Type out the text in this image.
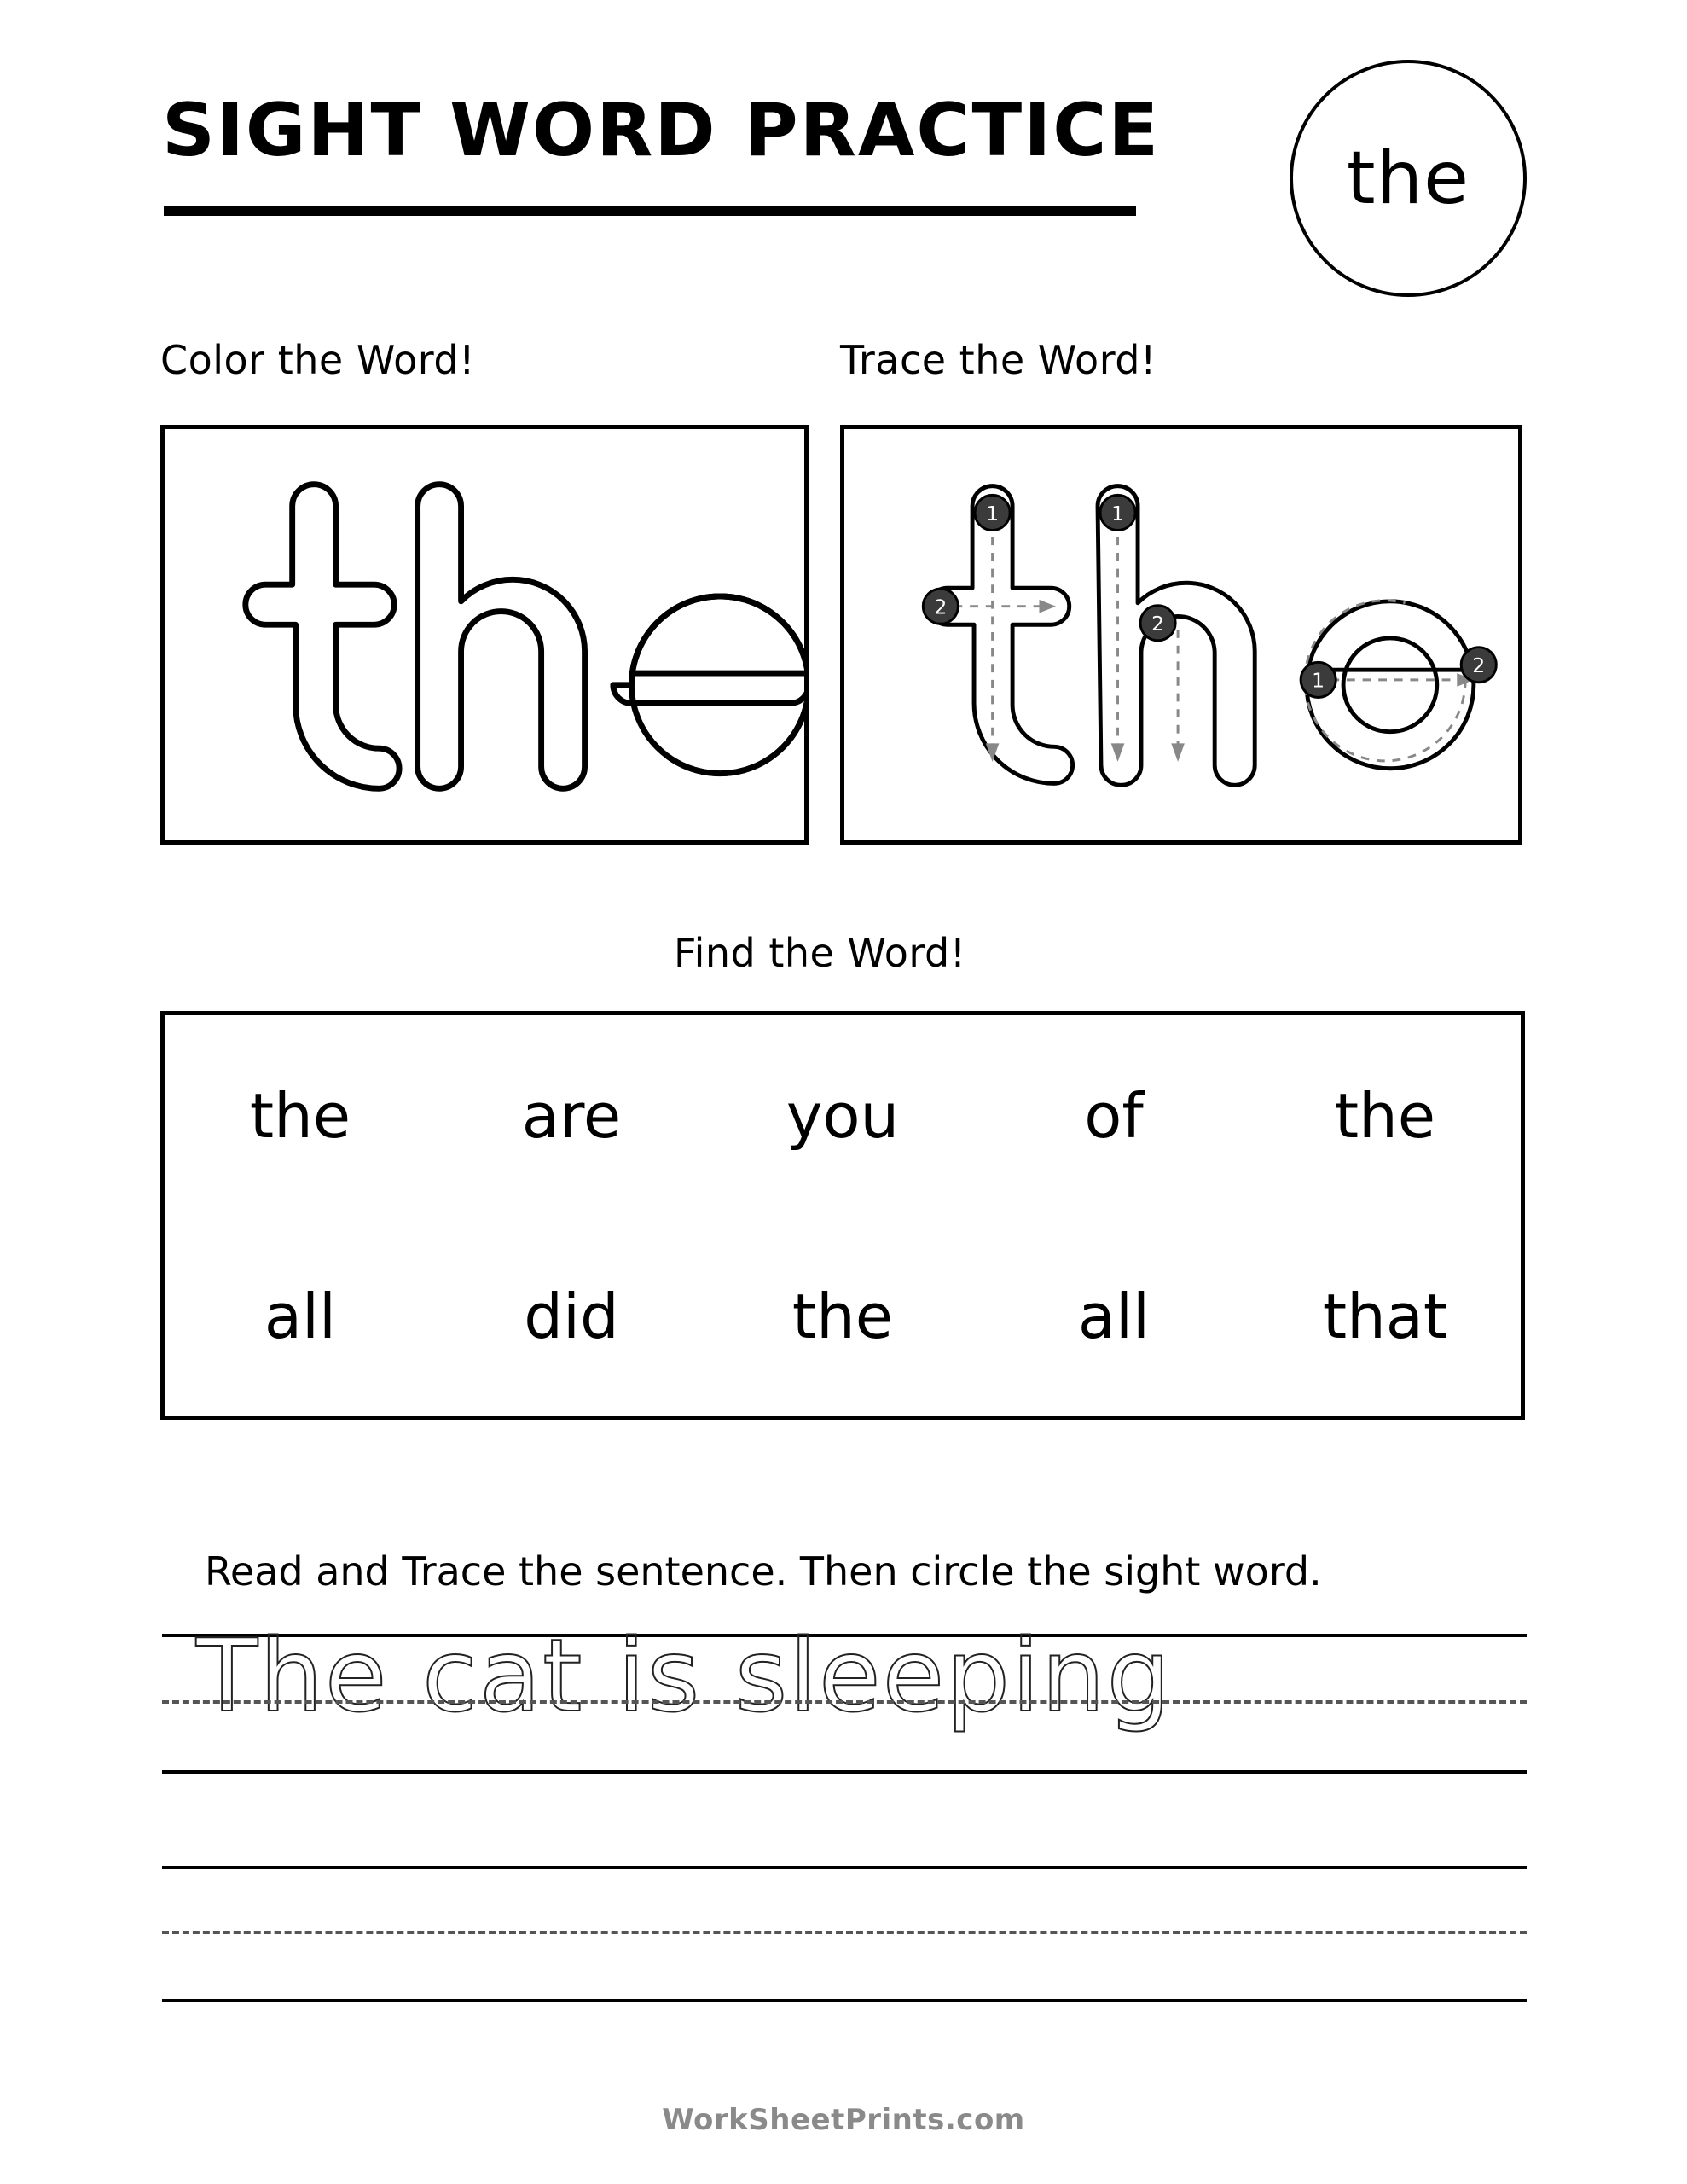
SIGHT WORD PRACTICE
the
Color the Word!	Trace the Word!
Find the Word!
1
2
1
2
1
2
the	are	you	of	the
all	did	the	all	that
Read and Trace the sentence. Then circle the sight word.
The cat is sleeping
WorkSheetPrints.com
